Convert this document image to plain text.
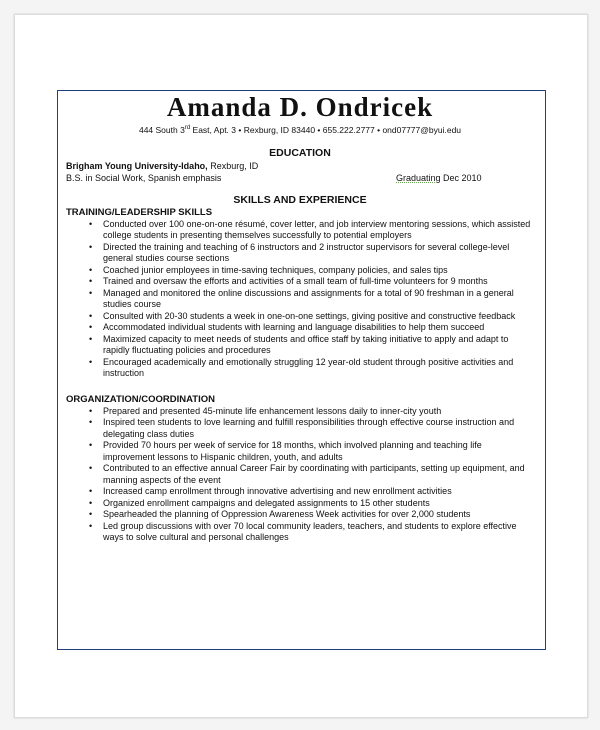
Amanda D. Ondricek
444 South 3rd East, Apt. 3 • Rexburg, ID 83440 • 655.222.2777 • ond07777@byui.edu
EDUCATION
Brigham Young University-Idaho, Rexburg, ID
B.S. in Social Work, Spanish emphasis	Graduating Dec 2010
SKILLS AND EXPERIENCE
TRAINING/LEADERSHIP SKILLS
• Conducted over 100 one-on-one résumé, cover letter, and job interview mentoring sessions, which assisted college students in presenting themselves successfully to potential employers
• Directed the training and teaching of 6 instructors and 2 instructor supervisors for several college-level general studies course sections
• Coached junior employees in time-saving techniques, company policies, and sales tips
• Trained and oversaw the efforts and activities of a small team of full-time volunteers for 9 months
• Managed and monitored the online discussions and assignments for a total of 90 freshman in a general studies course
• Consulted with 20-30 students a week in one-on-one settings, giving positive and constructive feedback
• Accommodated individual students with learning and language disabilities to help them succeed
• Maximized capacity to meet needs of students and office staff by taking initiative to apply and adapt to rapidly fluctuating policies and procedures
• Encouraged academically and emotionally struggling 12 year-old student through positive activities and instruction
ORGANIZATION/COORDINATION
• Prepared and presented 45-minute life enhancement lessons daily to inner-city youth
• Inspired teen students to love learning and fulfill responsibilities through effective course instruction and delegating class duties
• Provided 70 hours per week of service for 18 months, which involved planning and teaching life improvement lessons to Hispanic children, youth, and adults
• Contributed to an effective annual Career Fair by coordinating with participants, setting up equipment, and manning aspects of the event
• Increased camp enrollment through innovative advertising and new enrollment activities
• Organized enrollment campaigns and delegated assignments to 15 other students
• Spearheaded the planning of Oppression Awareness Week activities for over 2,000 students
• Led group discussions with over 70 local community leaders, teachers, and students to explore effective ways to solve cultural and personal challenges
